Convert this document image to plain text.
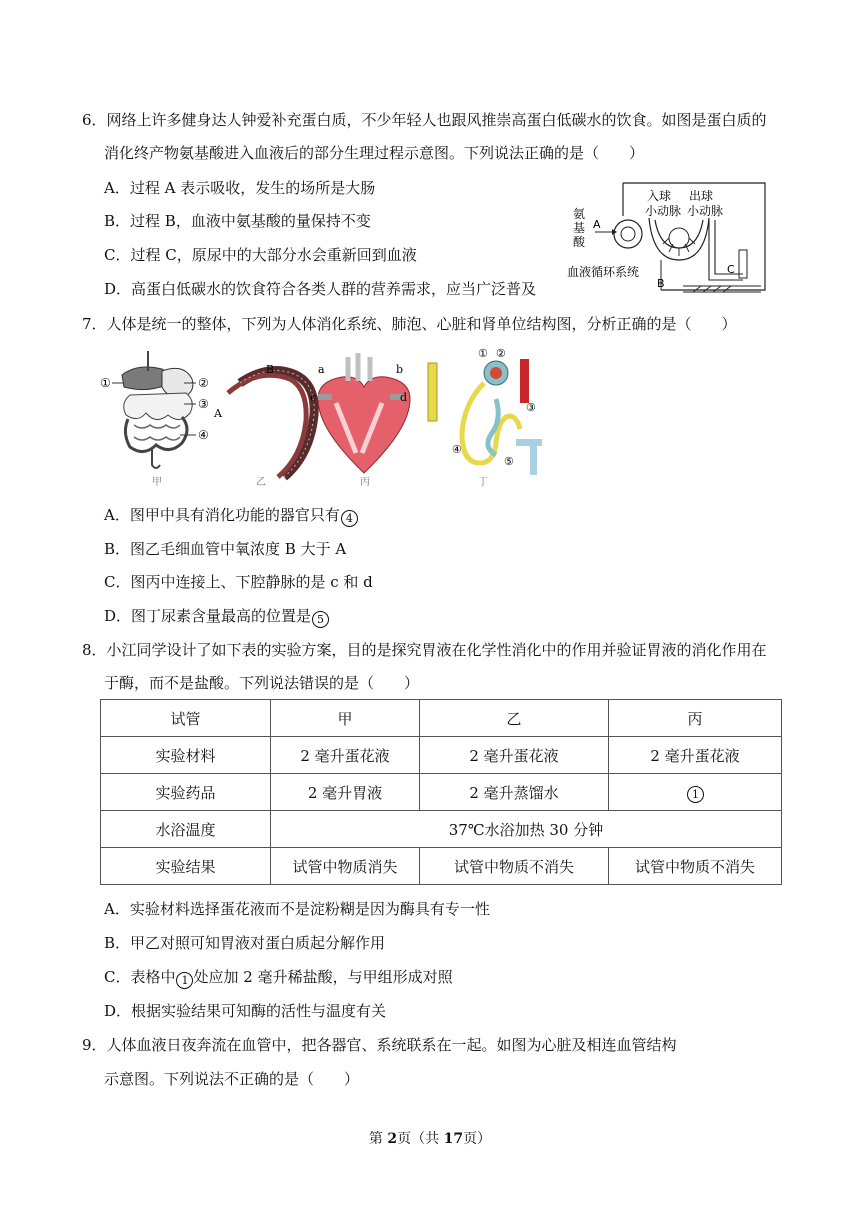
6．网络上许多健身达人钟爱补充蛋白质，不少年轻人也跟风推崇高蛋白低碳水的饮食。如图是蛋白质的
消化终产物氨基酸进入血液后的部分生理过程示意图。下列说法正确的是（　　）
A．过程 A 表示吸收，发生的场所是大肠
B．过程 B，血液中氨基酸的量保持不变
C．过程 C，原尿中的大部分水会重新回到血液
D．高蛋白低碳水的饮食符合各类人群的营养需求，应当广泛普及
氨
基
酸
A
B
C
入球
小动脉
出球
小动脉
血液循环系统
7．人体是统一的整体，下列为人体消化系统、肺泡、心脏和肾单位结构图，分析正确的是（　　）
①	②
③
④
甲
A
B
乙
a	b
c	d
丙
① ②
③
④
⑤
丁
A．图甲中具有消化功能的器官只有 4
B．图乙毛细血管中氧浓度 B 大于 A
C．图丙中连接上、下腔静脉的是 c 和 d
D．图丁尿素含量最高的位置是 5
8．小江同学设计了如下表的实验方案，目的是探究胃液在化学性消化中的作用并验证胃液的消化作用在
于酶，而不是盐酸。下列说法错误的是（　　）
试管	甲	乙	丙
实验材料	2 毫升蛋花液	2 毫升蛋花液	2 毫升蛋花液
实验药品	2 毫升胃液	2 毫升蒸馏水	1
水浴温度	37℃水浴加热 30 分钟		
实验结果	试管中物质消失	试管中物质不消失	试管中物质不消失
A．实验材料选择蛋花液而不是淀粉糊是因为酶具有专一性
B．甲乙对照可知胃液对蛋白质起分解作用
C．表格中 1 处应加 2 毫升稀盐酸，与甲组形成对照
D．根据实验结果可知酶的活性与温度有关
9．人体血液日夜奔流在血管中，把各器官、系统联系在一起。如图为心脏及相连血管结构
示意图。下列说法不正确的是（　　）
第 2页（共 17页）
